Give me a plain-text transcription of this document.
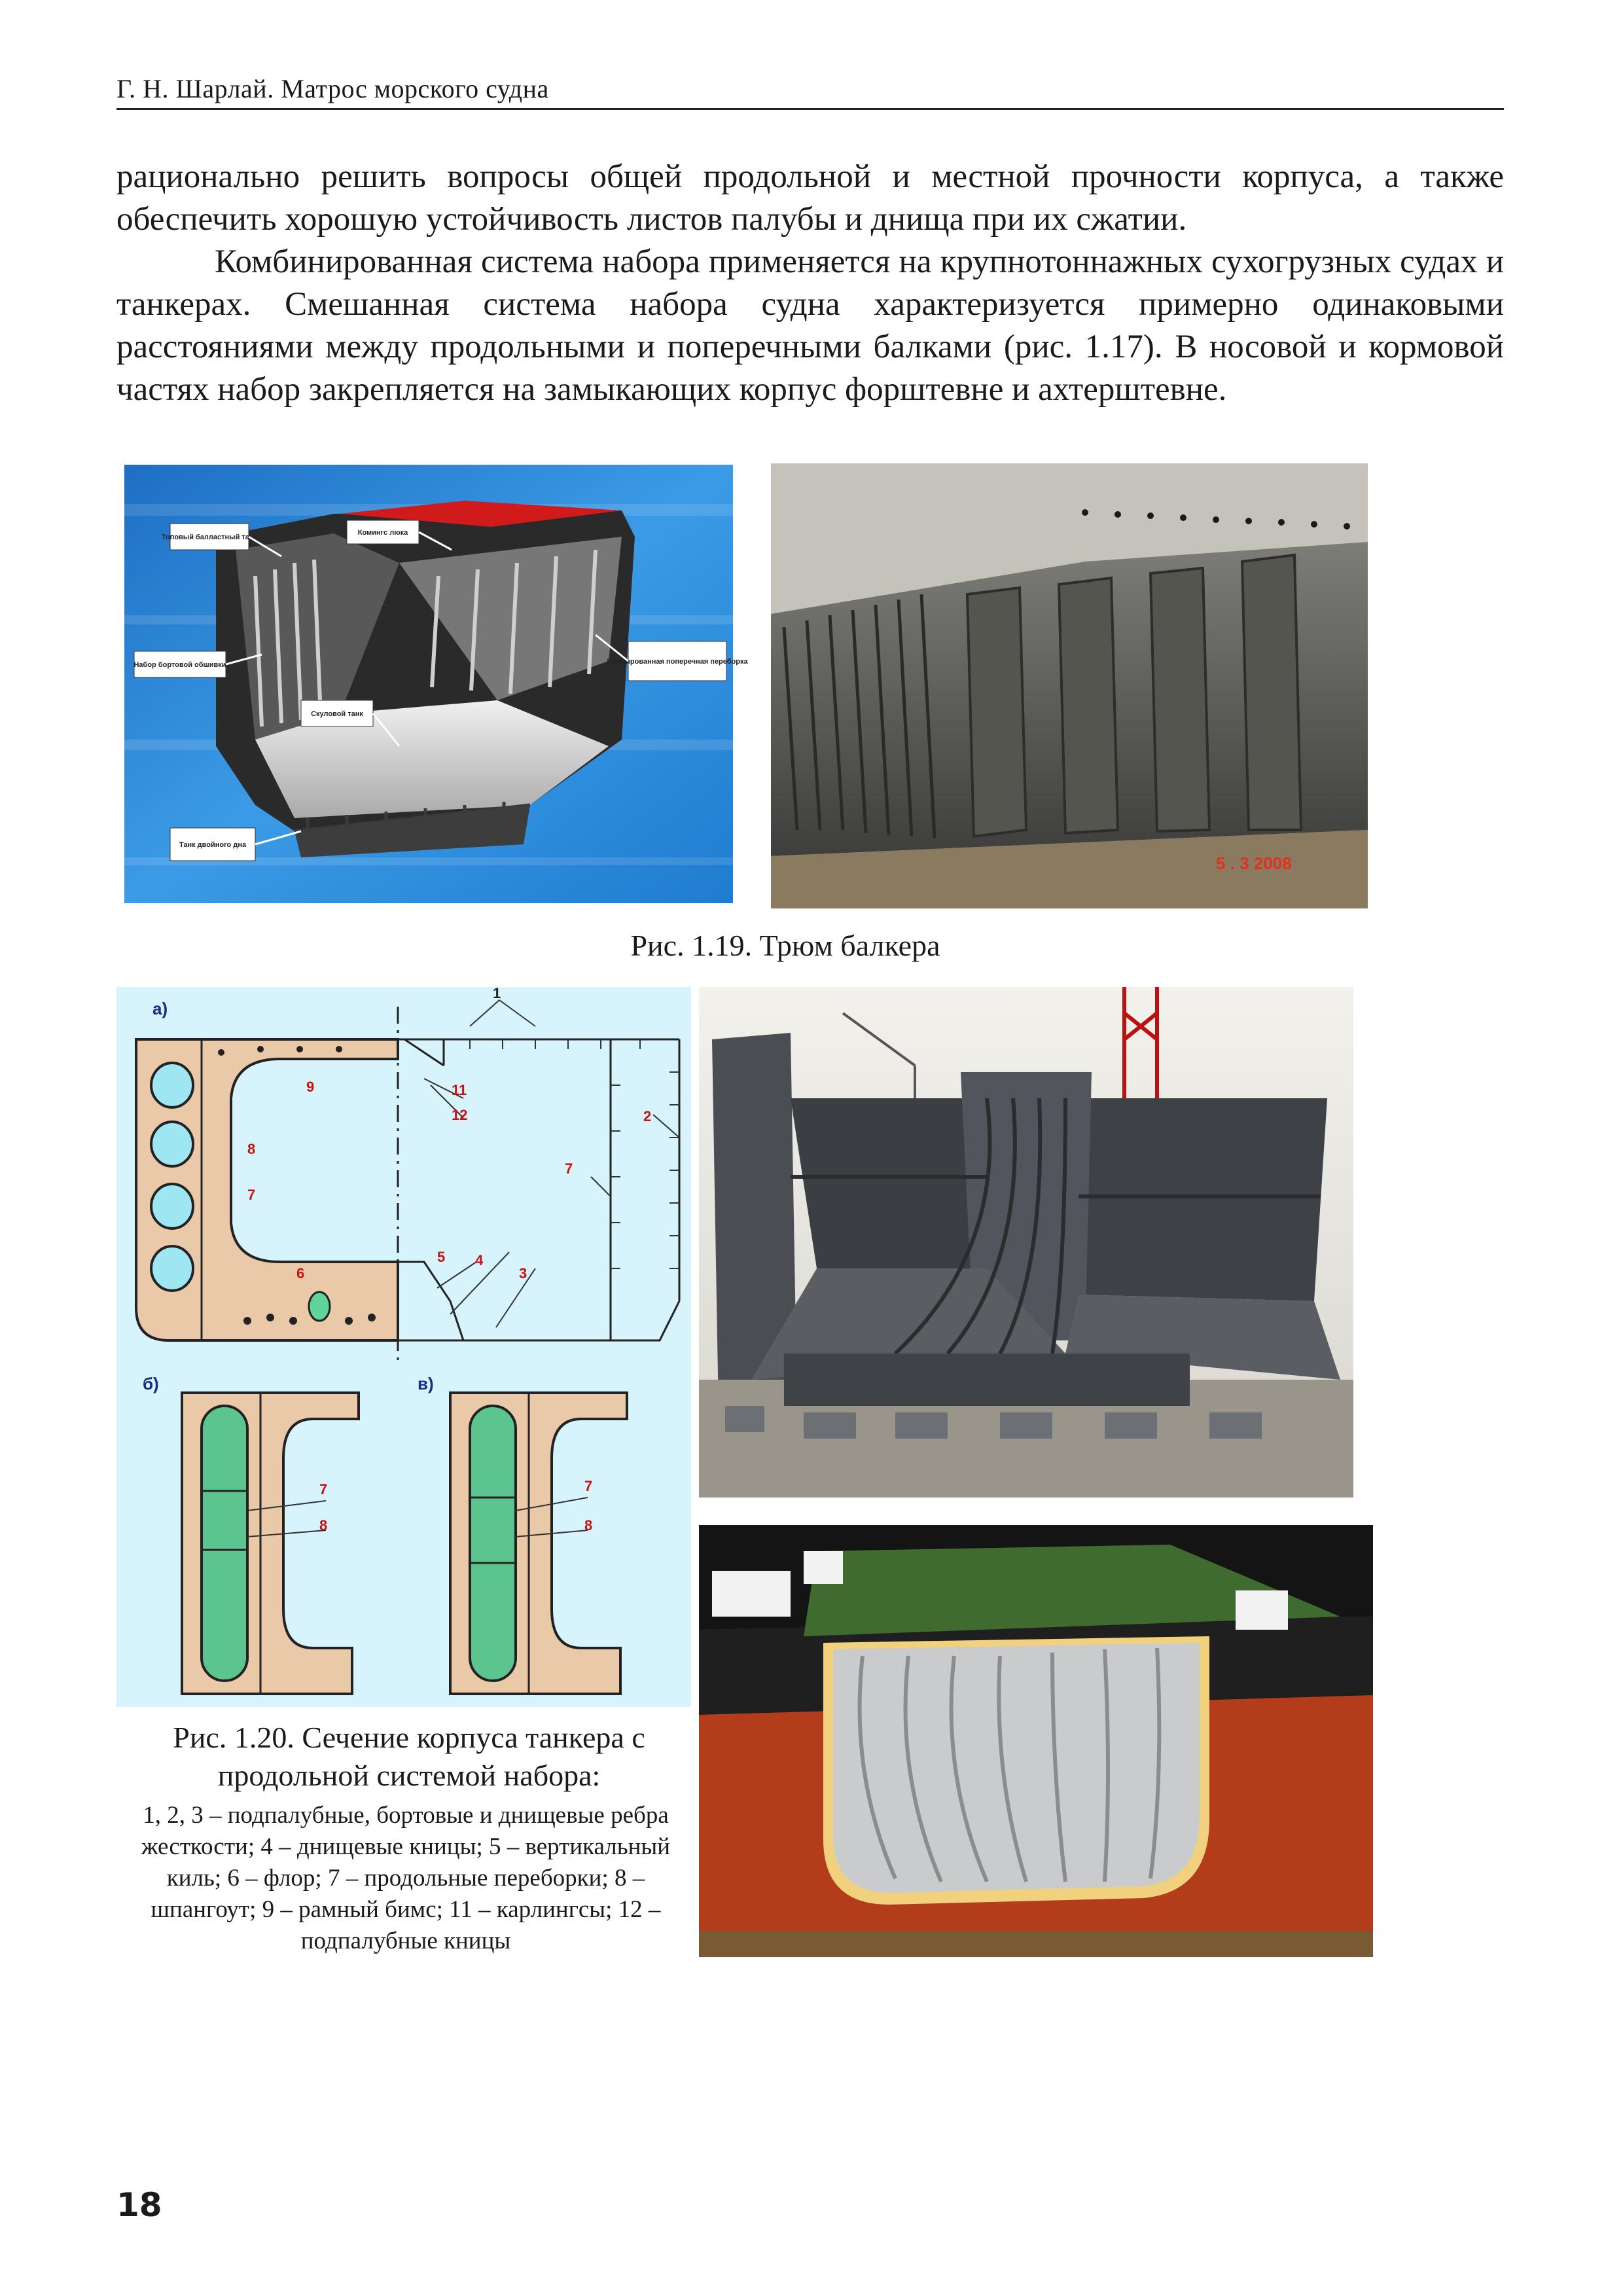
Г. Н. Шарлай. Матрос морского судна

рационально решить вопросы общей продольной и местной прочности корпуса, а также обеспечить хорошую устойчивость листов палубы и днища при их сжатии.

Комбинированная система набора применяется на крупнотоннажных сухогрузных судах и танкерах. Смешанная система набора судна характеризуется примерно одинаковыми расстояниями между продольными и поперечными балками (рис. 1.17). В носовой и кормовой частях набор закрепляется на замыкающих корпус форштевне и ахтерштевне.

Топовый балластный танк
Комингс люка
Набор бортовой обшивки	Гофрированная поперечная переборка
Скуловой танк
Танк двойного дна
5 . 3 2008
Рис. 1.19. Трюм балкера
а)
1
11
12
9
2
7
8
7
6
5 4
3
б)
7
8
в)
7
8
Рис. 1.20. Сечение корпуса танкера с продольной системой набора:
1, 2, 3 – подпалубные, бортовые и днищевые ребра жесткости; 4 – днищевые кницы; 5 – вертикальный киль; 6 – флор; 7 – продольные переборки; 8 – шпангоут; 9 – рамный бимс; 11 – карлингсы; 12 – подпалубные кницы
18
